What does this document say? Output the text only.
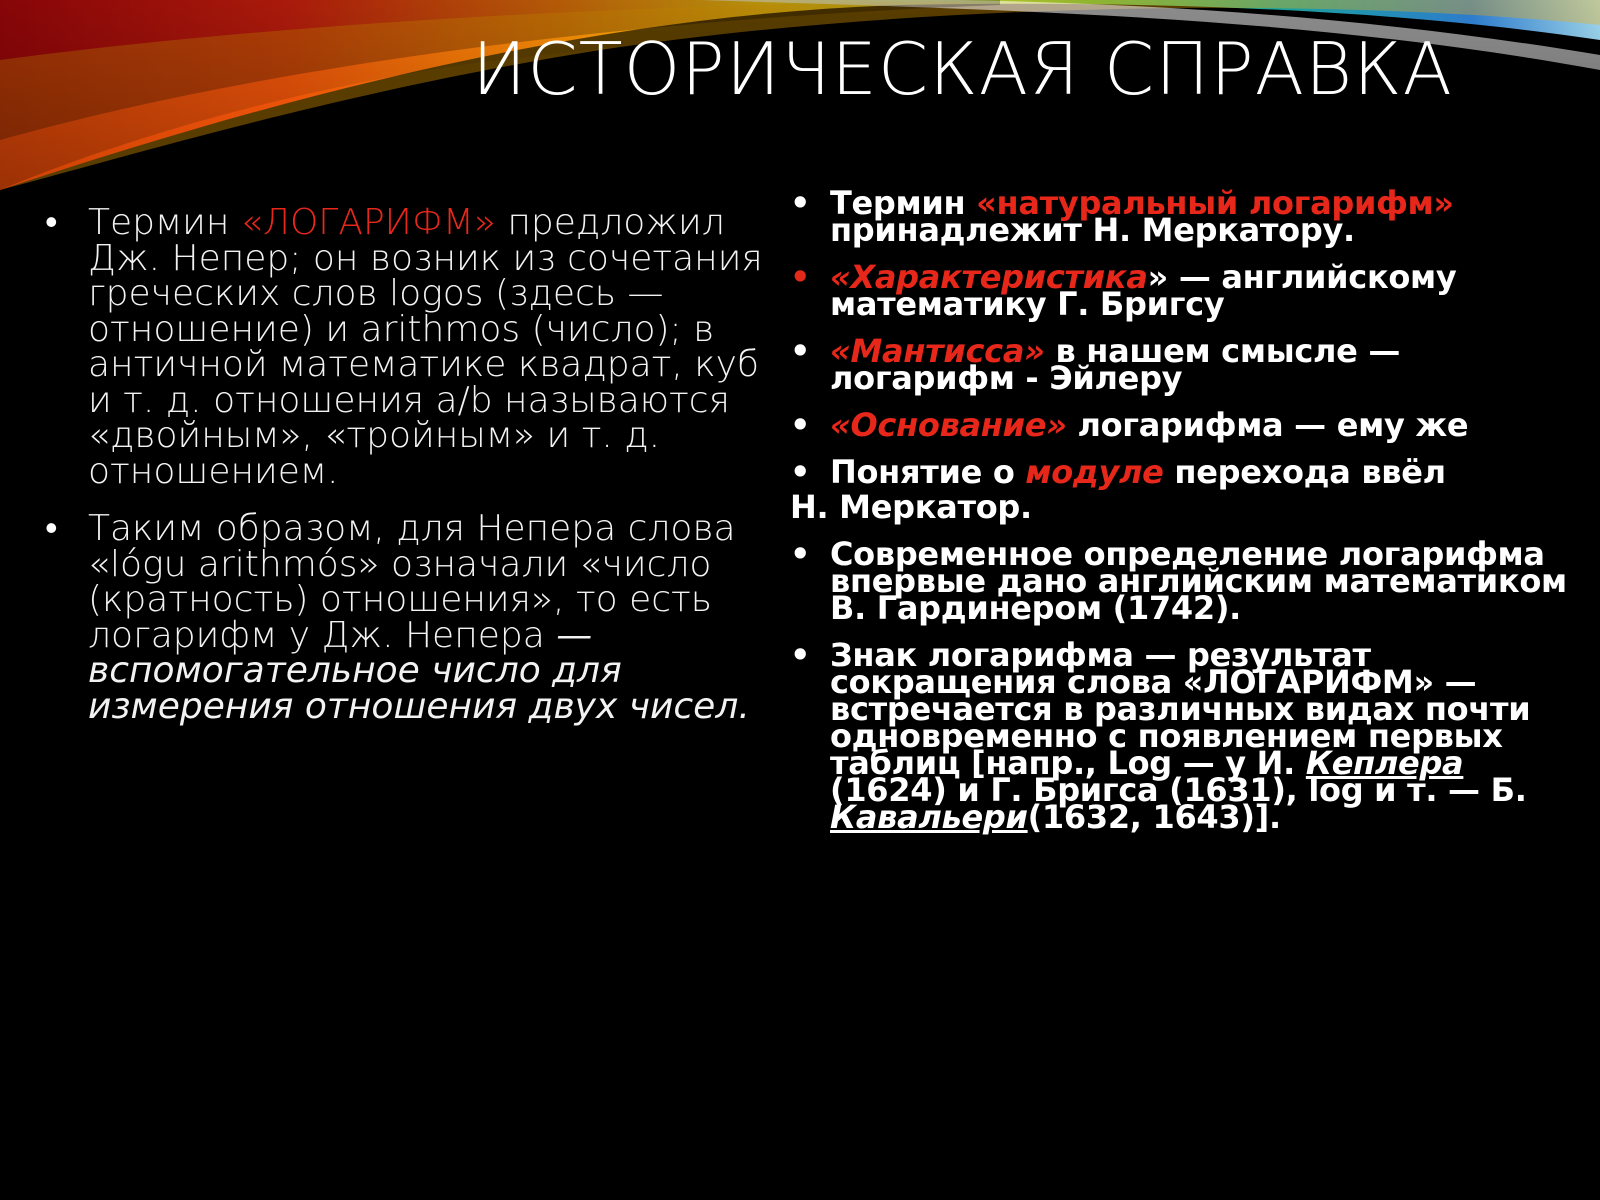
ИСТОРИЧЕСКАЯ СПРАВКА
• Термин «ЛОГАРИФМ» предложил Дж. Непер; он возник из сочетания греческих слов logos (здесь — отношение) и arithmos (число); в античной математике квадрат, куб и т. д. отношения a/b называются «двойным», «тройным» и т. д. отношением.
• Таким образом, для Непера слова «lógu arithmós» означали «число (кратность) отношения», то есть логарифм у Дж. Непера — вспомогательное число для измерения отношения двух чисел.
• Термин «натуральный логарифм» принадлежит Н. Меркатору.
• «Характеристика» — английскому математику Г. Бригсу
• «Мантисса» в нашем смысле — логарифм - Эйлеру
• «Основание» логарифма — ему же
• Понятие о модуле перехода ввёл
Н. Меркатор.
• Современное определение логарифма впервые дано английским математиком В. Гардинером (1742).
• Знак логарифма — результат сокращения слова «ЛОГАРИФМ» — встречается в различных видах почти одновременно с появлением первых таблиц [напр., Log — у И. Кеплера (1624) и Г. Бригса (1631), log и т. — Б. Кавальери(1632, 1643)].
